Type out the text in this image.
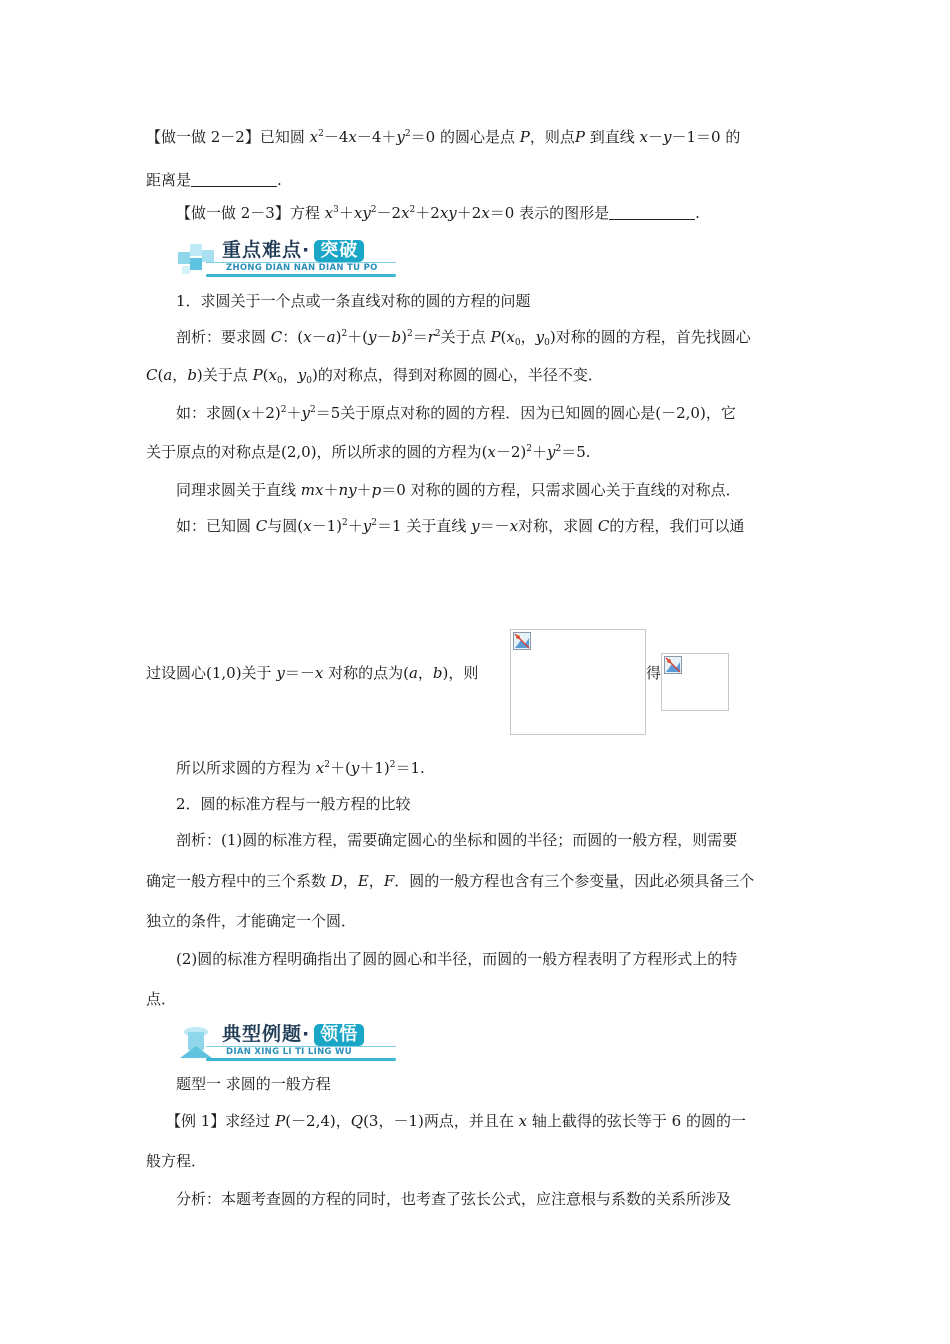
【做一做 2－2】已知圆 $x^2-4x-4+y^2=0$ 的圆心是点 P，则点P 到直线 x－y－1＝0 的
距离是	.
【做一做 2－3】方程 $x^3+xy^2-2x^2+2xy+2x=0$ 表示的图形是	.
重点难点· 突破
ZHONG DIAN NAN DIAN TU PO
1．求圆关于一个点或一条直线对称的圆的方程的问题
剖析：要求圆 C：$(x-a)^2+(y-b)^2=r^2$关于点 $P(x_0$，$y_0$)对称的圆的方程，首先找圆心
C(a，b)关于点 $P(x_0$，$y_0$)的对称点，得到对称圆的圆心，半径不变．
如：求圆$(x+2)^2+y^2=5$关于原点对称的圆的方程．因为已知圆的圆心是(－2,0)，它
关于原点的对称点是(2,0)，所以所求的圆的方程为$(x-2)^2+y^2=5$.
同理求圆关于直线 mx＋ny＋p＝0 对称的圆的方程，只需求圆心关于直线的对称点．
如：已知圆 C与圆$(x-1)^2+y^2=1$ 关于直线 y＝－x对称，求圆 C的方程，我们可以通
过设圆心(1,0)关于 y＝－x 对称的点为(a，b)，则	得
所以所求圆的方程为 $x^2+(y+1)^2=1$.
2．圆的标准方程与一般方程的比较
剖析：(1)圆的标准方程，需要确定圆心的坐标和圆的半径；而圆的一般方程，则需要
确定一般方程中的三个系数 D，E，F．圆的一般方程也含有三个参变量，因此必须具备三个
独立的条件，才能确定一个圆．
(2)圆的标准方程明确指出了圆的圆心和半径，而圆的一般方程表明了方程形式上的特
点．
典型例题· 领悟
DIAN XING LI TI LING WU
题型一 求圆的一般方程
【例 1】求经过 P(－2,4)，Q(3，－1)两点，并且在 x 轴上截得的弦长等于 6 的圆的一
般方程．
分析：本题考查圆的方程的同时，也考查了弦长公式，应注意根与系数的关系所涉及
